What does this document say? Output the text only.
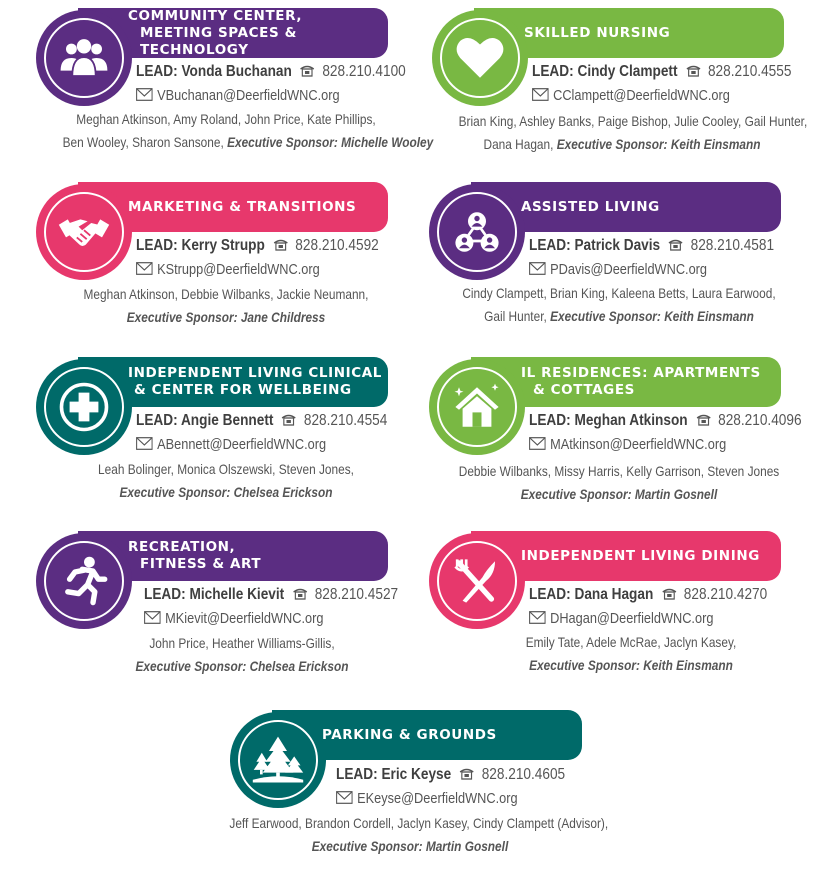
COMMUNITY CENTER,
MEETING SPACES & TECHNOLOGY
LEAD: Vonda Buchanan 828.210.4100
VBuchanan@DeerfieldWNC.org
Meghan Atkinson, Amy Roland, John Price, Kate Phillips,
Ben Wooley, Sharon Sansone, Executive Sponsor: Michelle Wooley
SKILLED NURSING
LEAD: Cindy Clampett 828.210.4555
CClampett@DeerfieldWNC.org
Brian King, Ashley Banks, Paige Bishop, Julie Cooley, Gail Hunter,
Dana Hagan, Executive Sponsor: Keith Einsmann
MARKETING & TRANSITIONS
LEAD: Kerry Strupp 828.210.4592
KStrupp@DeerfieldWNC.org
Meghan Atkinson, Debbie Wilbanks, Jackie Neumann,
Executive Sponsor: Jane Childress
ASSISTED LIVING
LEAD: Patrick Davis 828.210.4581
PDavis@DeerfieldWNC.org
Cindy Clampett, Brian King, Kaleena Betts, Laura Earwood,
Gail Hunter, Executive Sponsor: Keith Einsmann
INDEPENDENT LIVING CLINICAL
& CENTER FOR WELLBEING
LEAD: Angie Bennett 828.210.4554
ABennett@DeerfieldWNC.org
Leah Bolinger, Monica Olszewski, Steven Jones,
Executive Sponsor: Chelsea Erickson
IL RESIDENCES: APARTMENTS
& COTTAGES
LEAD: Meghan Atkinson 828.210.4096
MAtkinson@DeerfieldWNC.org
Debbie Wilbanks, Missy Harris, Kelly Garrison, Steven Jones
Executive Sponsor: Martin Gosnell
RECREATION,
FITNESS & ART
LEAD: Michelle Kievit 828.210.4527
MKievit@DeerfieldWNC.org
John Price, Heather Williams-Gillis,
Executive Sponsor: Chelsea Erickson
INDEPENDENT LIVING DINING
LEAD: Dana Hagan 828.210.4270
DHagan@DeerfieldWNC.org
Emily Tate, Adele McRae, Jaclyn Kasey,
Executive Sponsor: Keith Einsmann
PARKING & GROUNDS
LEAD: Eric Keyse 828.210.4605
EKeyse@DeerfieldWNC.org
Jeff Earwood, Brandon Cordell, Jaclyn Kasey, Cindy Clampett (Advisor),
Executive Sponsor: Martin Gosnell
